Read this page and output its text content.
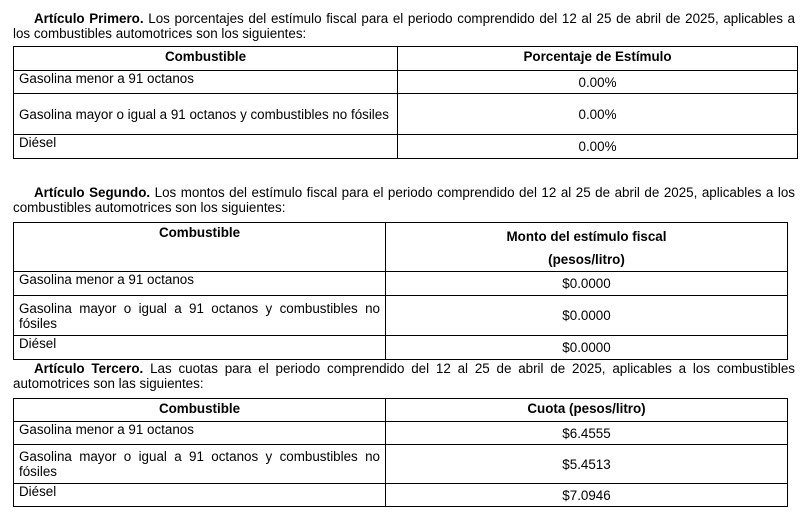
Artículo Primero. Los porcentajes del estímulo fiscal para el periodo comprendido del 12 al 25 de abril de 2025, aplicables a los combustibles automotrices son los siguientes:

Combustible	Porcentaje de Estímulo
Gasolina menor a 91 octanos	0.00%
Gasolina mayor o igual a 91 octanos y combustibles no fósiles	0.00%
Diésel	0.00%

Artículo Segundo. Los montos del estímulo fiscal para el periodo comprendido del 12 al 25 de abril de 2025, aplicables a los combustibles automotrices son los siguientes:

Combustible	Monto del estímulo fiscal
(pesos/litro)
Gasolina menor a 91 octanos	$0.0000
Gasolina mayor o igual a 91 octanos y combustibles no fósiles	$0.0000
Diésel	$0.0000

Artículo Tercero. Las cuotas para el periodo comprendido del 12 al 25 de abril de 2025, aplicables a los combustibles automotrices son las siguientes:

Combustible	Cuota (pesos/litro)
Gasolina menor a 91 octanos	$6.4555
Gasolina mayor o igual a 91 octanos y combustibles no fósiles	$5.4513
Diésel	$7.0946
